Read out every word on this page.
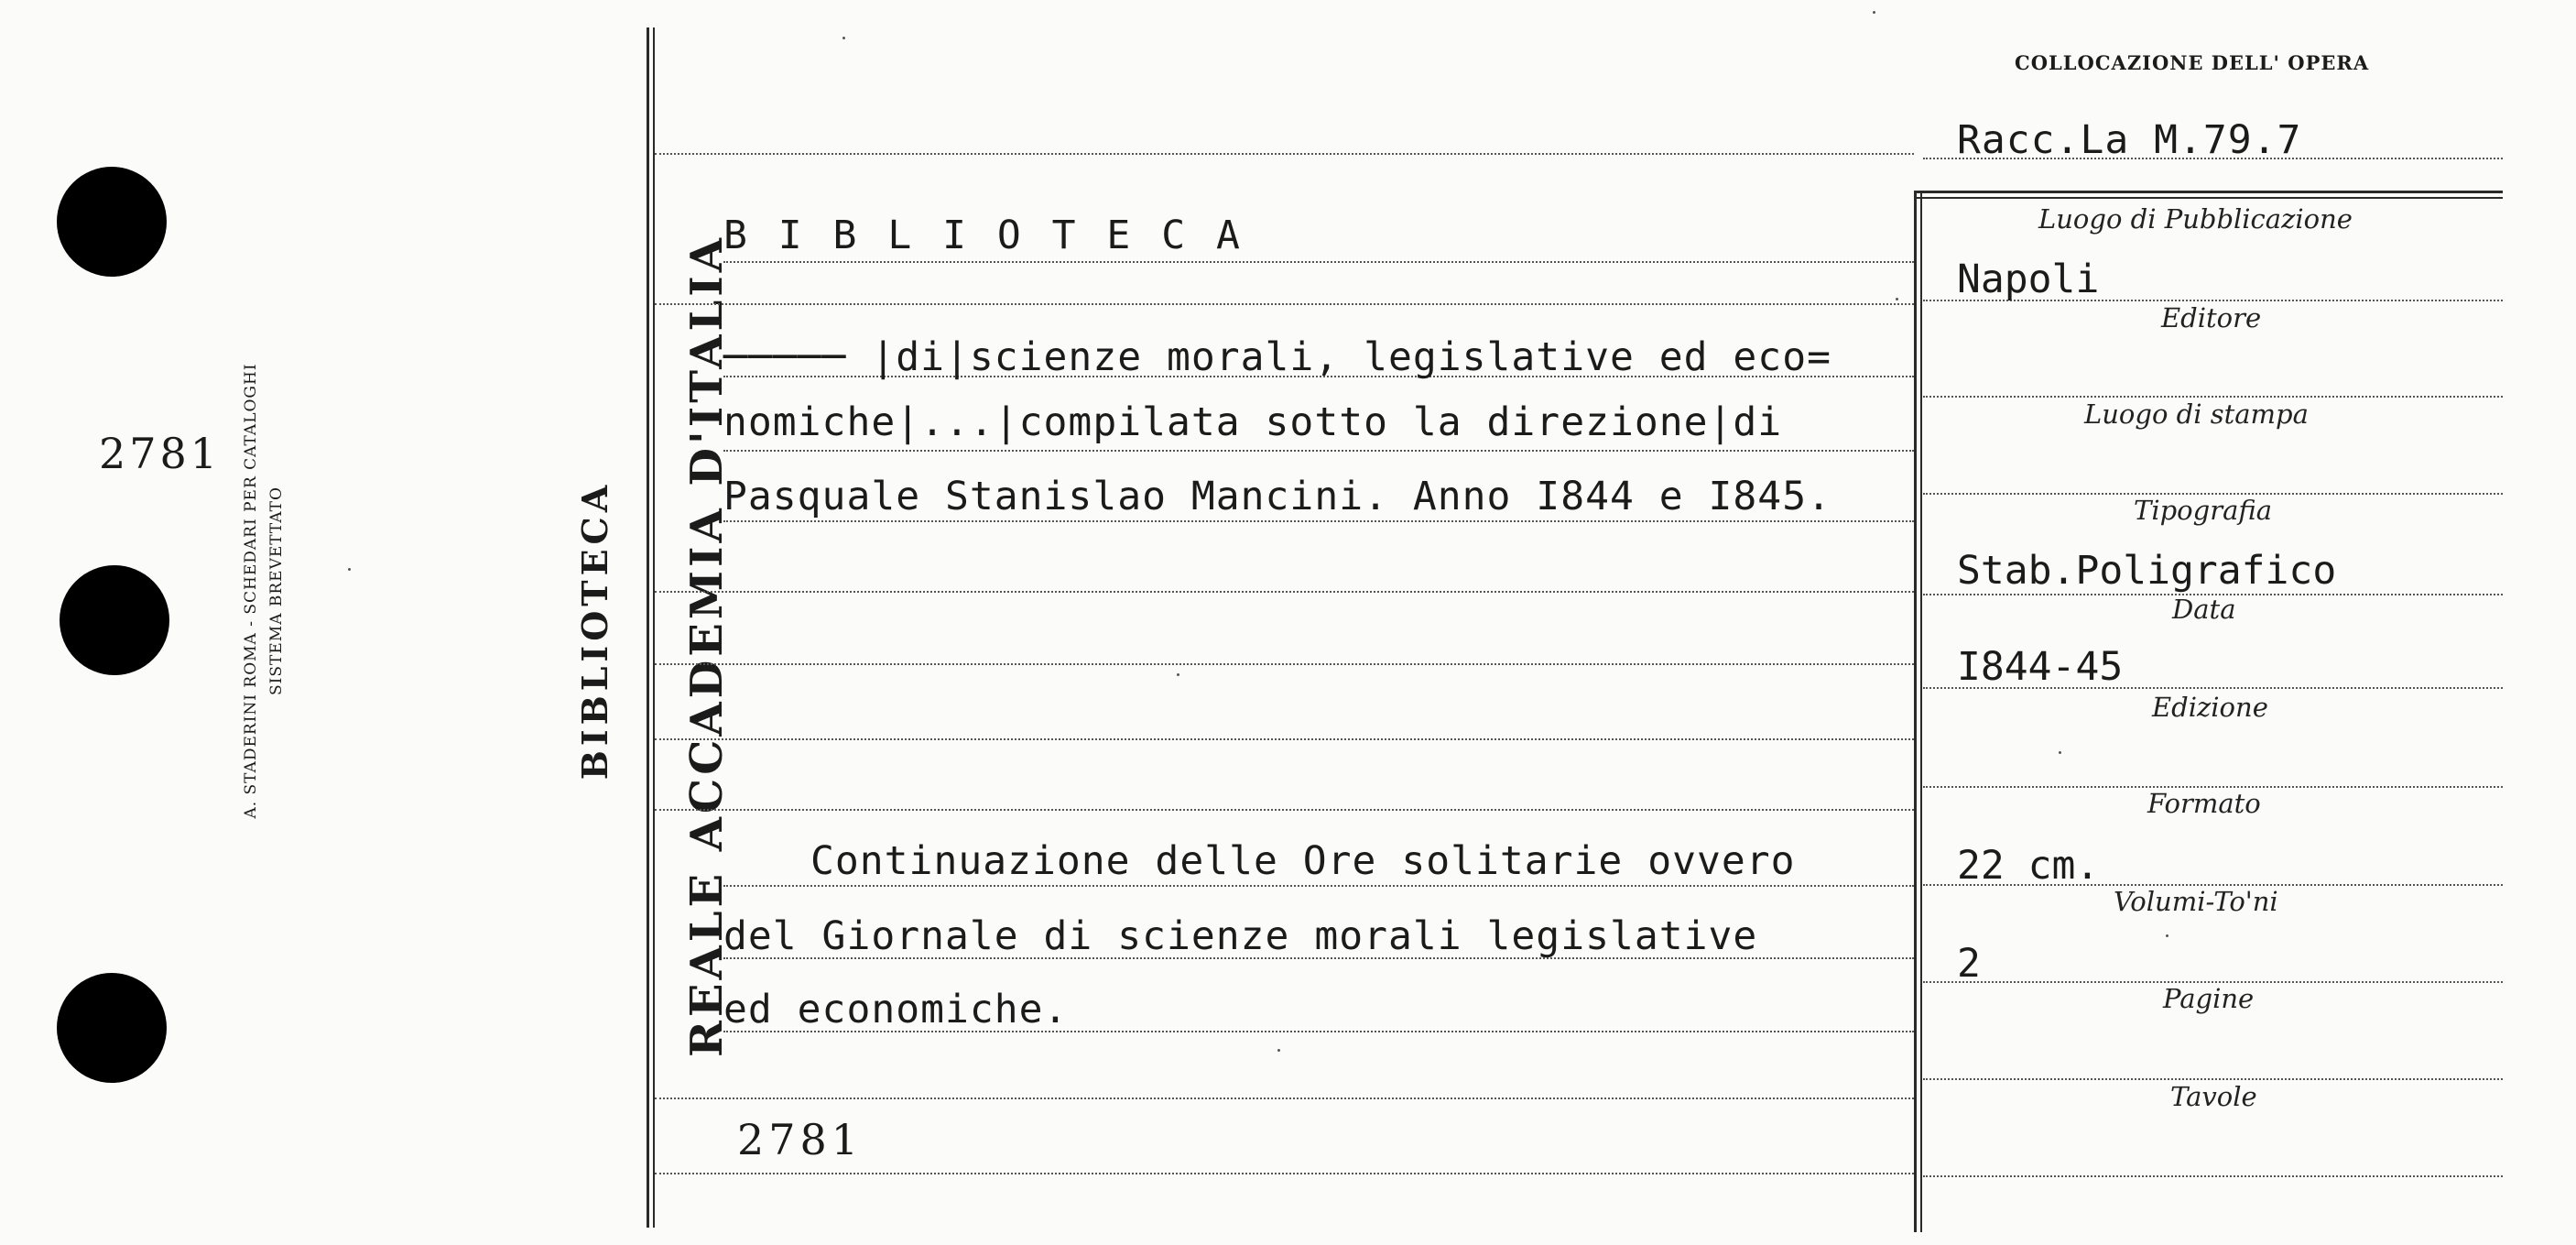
2781 A. STADERINI ROMA - SCHEDARI PER CATALOGHI SISTEMA BREVETTATO	REALE ACCADEMIA D'ITALIA
BIBLIOTECA
B I B L I O T E C A
───── |di|scienze morali, legislative ed eco=
nomiche|...|compilata sotto la direzione|di
Pasquale Stanislao Mancini. Anno I844 e I845.
Continuazione delle Ore solitarie ovvero
del Giornale di scienze morali legislative
ed economiche.
2781
COLLOCAZIONE DELL' OPERA
Racc.La M.79.7
Luogo di Pubblicazione
Napoli
Editore
Luogo di stampa
Tipografia
Stab.Poligrafico
Data
I844-45
Edizione
Formato
22 cm.
Volumi-To'ni
2
Pagine
Tavole
